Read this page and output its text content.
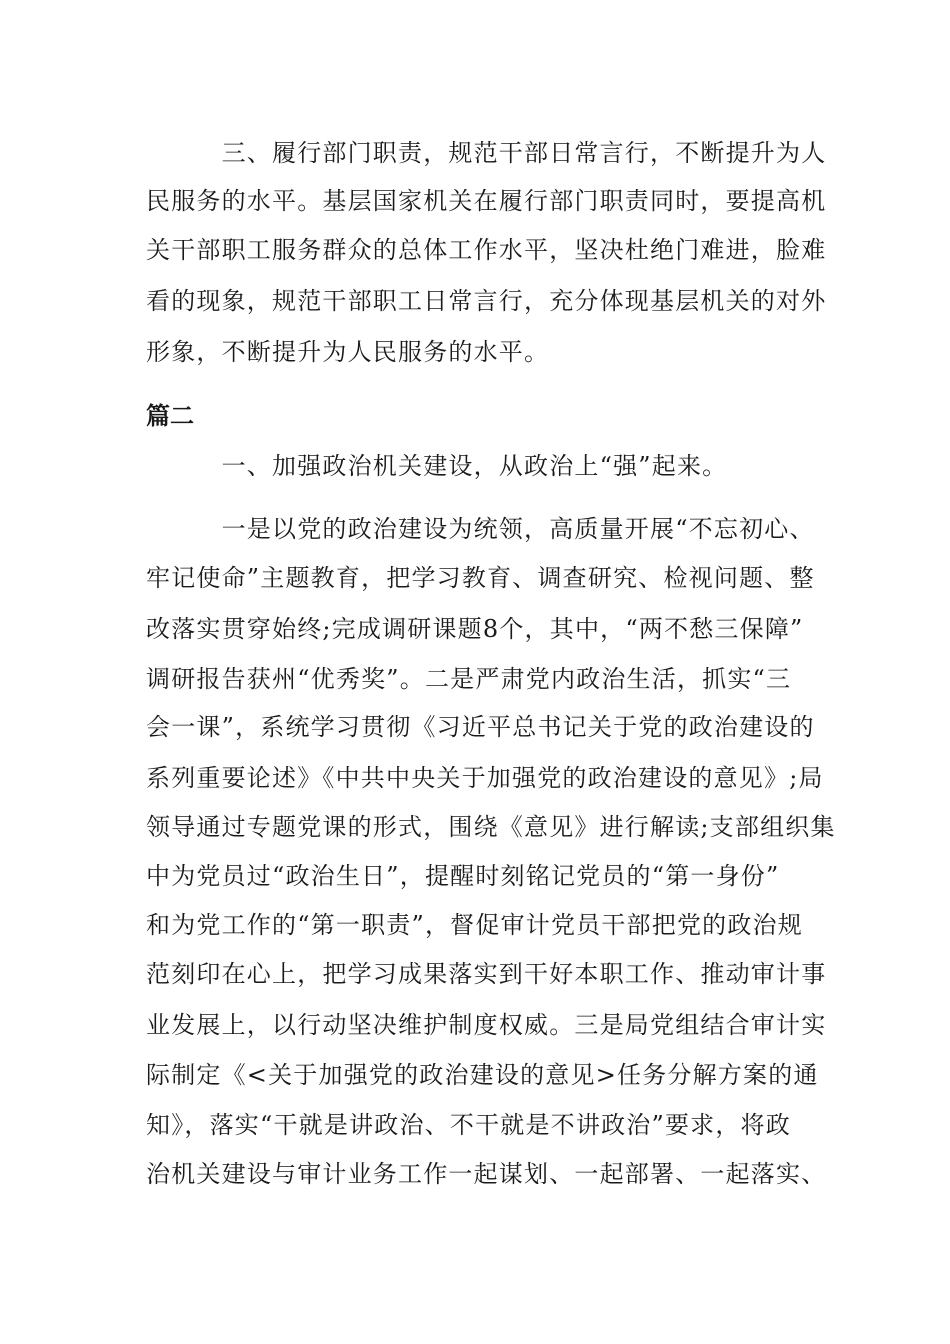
　　　三、履行部门职责，规范干部日常言行，不断提升为人
民服务的水平。基层国家机关在履行部门职责同时，要提高机
关干部职工服务群众的总体工作水平，坚决杜绝门难进，脸难
看的现象，规范干部职工日常言行，充分体现基层机关的对外
形象，不断提升为人民服务的水平。
篇二
　　　一、加强政治机关建设，从政治上“强”起来。
　　　一是以党的政治建设为统领，高质量开展“不忘初心、
牢记使命”主题教育，把学习教育、调查研究、检视问题、整
改落实贯穿始终;完成调研课题8个，其中，“两不愁三保障”
调研报告获州“优秀奖”。二是严肃党内政治生活，抓实“三
会一课”，系统学习贯彻《习近平总书记关于党的政治建设的
系列重要论述》《中共中央关于加强党的政治建设的意见》;局
领导通过专题党课的形式，围绕《意见》进行解读;支部组织集
中为党员过“政治生日”，提醒时刻铭记党员的“第一身份”
和为党工作的“第一职责”，督促审计党员干部把党的政治规
范刻印在心上，把学习成果落实到干好本职工作、推动审计事
业发展上，以行动坚决维护制度权威。三是局党组结合审计实
际制定《<关于加强党的政治建设的意见>任务分解方案的通
知》，落实“干就是讲政治、不干就是不讲政治”要求，将政
治机关建设与审计业务工作一起谋划、一起部署、一起落实、
